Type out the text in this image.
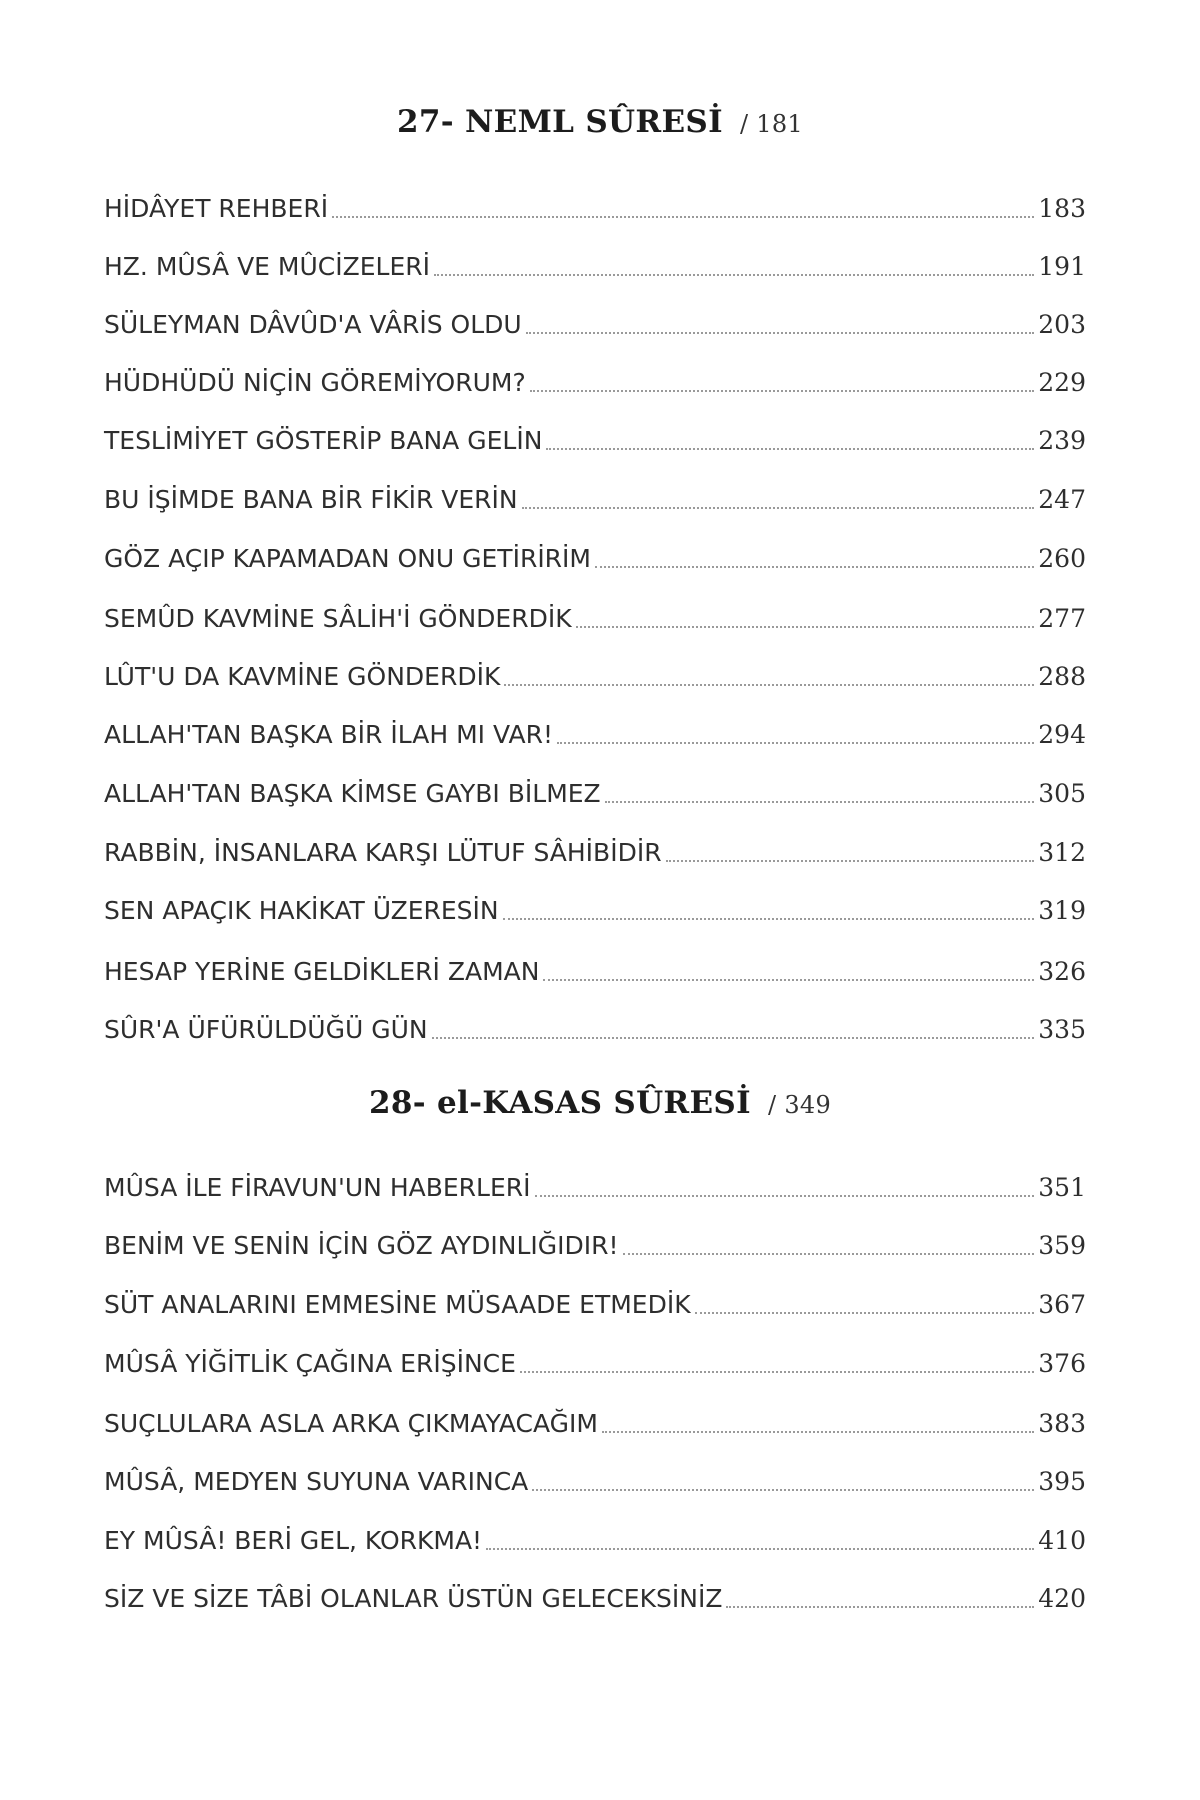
27- NEML SÛRESİ / 181
HİDÂYET REHBERİ	183
HZ. MÛSÂ VE MÛCİZELERİ	191
SÜLEYMAN DÂVÛD'A VÂRİS OLDU	203
HÜDHÜDÜ NİÇİN GÖREMİYORUM?	229
TESLİMİYET GÖSTERİP BANA GELİN	239
BU İŞİMDE BANA BİR FİKİR VERİN	247
GÖZ AÇIP KAPAMADAN ONU GETİRİRİM	260
SEMÛD KAVMİNE SÂLİH'İ GÖNDERDİK	277
LÛT'U DA KAVMİNE GÖNDERDİK	288
ALLAH'TAN BAŞKA BİR İLAH MI VAR!	294
ALLAH'TAN BAŞKA KİMSE GAYBI BİLMEZ	305
RABBİN, İNSANLARA KARŞI LÜTUF SÂHİBİDİR	312
SEN APAÇIK HAKİKAT ÜZERESİN	319
HESAP YERİNE GELDİKLERİ ZAMAN	326
SÛR'A ÜFÜRÜLDÜĞÜ GÜN	335
28- el-KASAS SÛRESİ / 349
MÛSA İLE FİRAVUN'UN HABERLERİ	351
BENİM VE SENİN İÇİN GÖZ AYDINLIĞIDIR!	359
SÜT ANALARINI EMMESİNE MÜSAADE ETMEDİK	367
MÛSÂ YİĞİTLİK ÇAĞINA ERİŞİNCE	376
SUÇLULARA ASLA ARKA ÇIKMAYACAĞIM	383
MÛSÂ, MEDYEN SUYUNA VARINCA	395
EY MÛSÂ! BERİ GEL, KORKMA!	410
SİZ VE SİZE TÂBİ OLANLAR ÜSTÜN GELECEKSİNİZ	420
